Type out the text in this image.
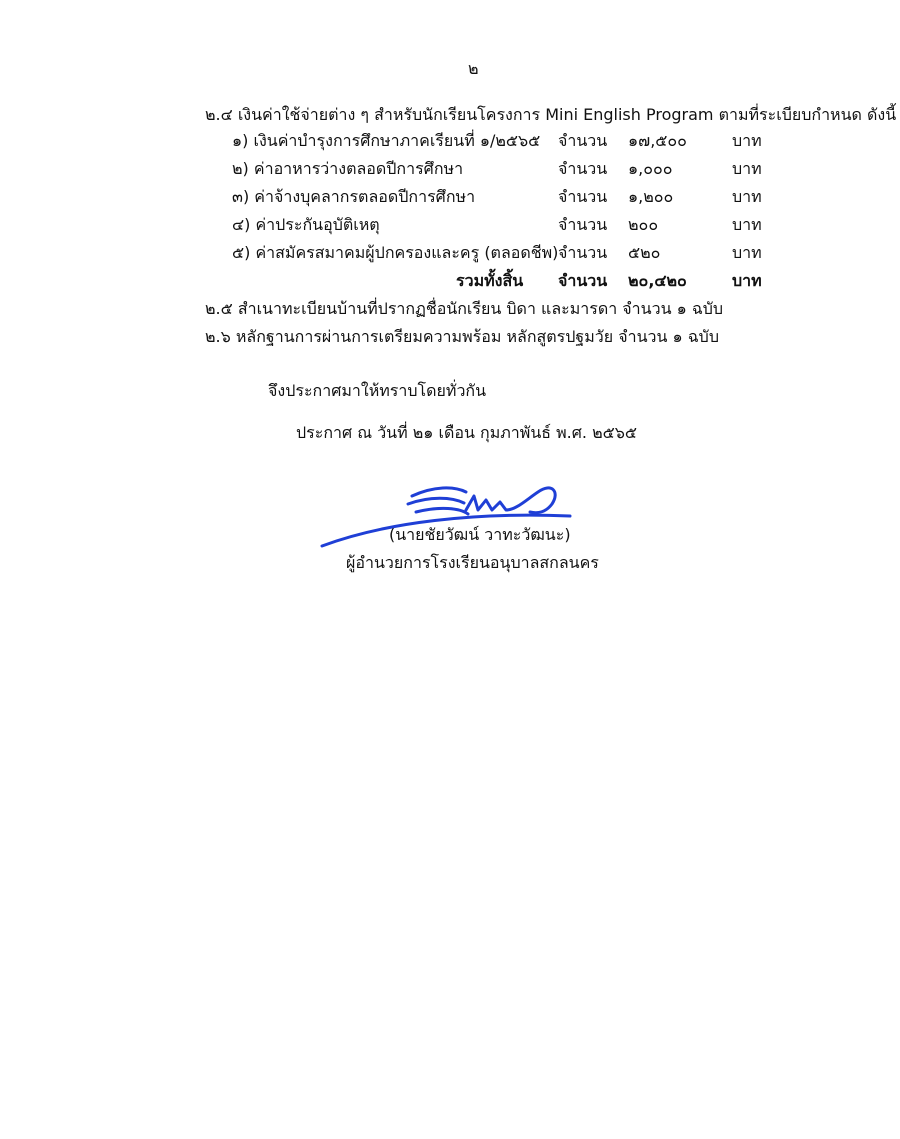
๒
๒.๔ เงินค่าใช้จ่ายต่าง ๆ สำหรับนักเรียนโครงการ Mini English Program ตามที่ระเบียบกำหนด ดังนี้
๑) เงินค่าบำรุงการศึกษาภาคเรียนที่ ๑/๒๕๖๕ จำนวน ๑๗,๕๐๐	บาท
๒) ค่าอาหารว่างตลอดปีการศึกษา	จำนวน ๑,๐๐๐	บาท
๓) ค่าจ้างบุคลากรตลอดปีการศึกษา	จำนวน ๑,๒๐๐	บาท
๔) ค่าประกันอุบัติเหตุ	จำนวน ๒๐๐	บาท
๕) ค่าสมัครสมาคมผู้ปกครองและครู (ตลอดชีพ) จำนวน ๕๒๐	บาท
รวมทั้งสิ้น จำนวน ๒๐,๔๒๐	บาท
๒.๕ สำเนาทะเบียนบ้านที่ปรากฏชื่อนักเรียน บิดา และมารดา จำนวน ๑ ฉบับ
๒.๖ หลักฐานการผ่านการเตรียมความพร้อม หลักสูตรปฐมวัย จำนวน ๑ ฉบับ
จึงประกาศมาให้ทราบโดยทั่วกัน
ประกาศ ณ วันที่ ๒๑ เดือน กุมภาพันธ์ พ.ศ. ๒๕๖๕
(นายชัยวัฒน์ วาทะวัฒนะ)
ผู้อำนวยการโรงเรียนอนุบาลสกลนคร
